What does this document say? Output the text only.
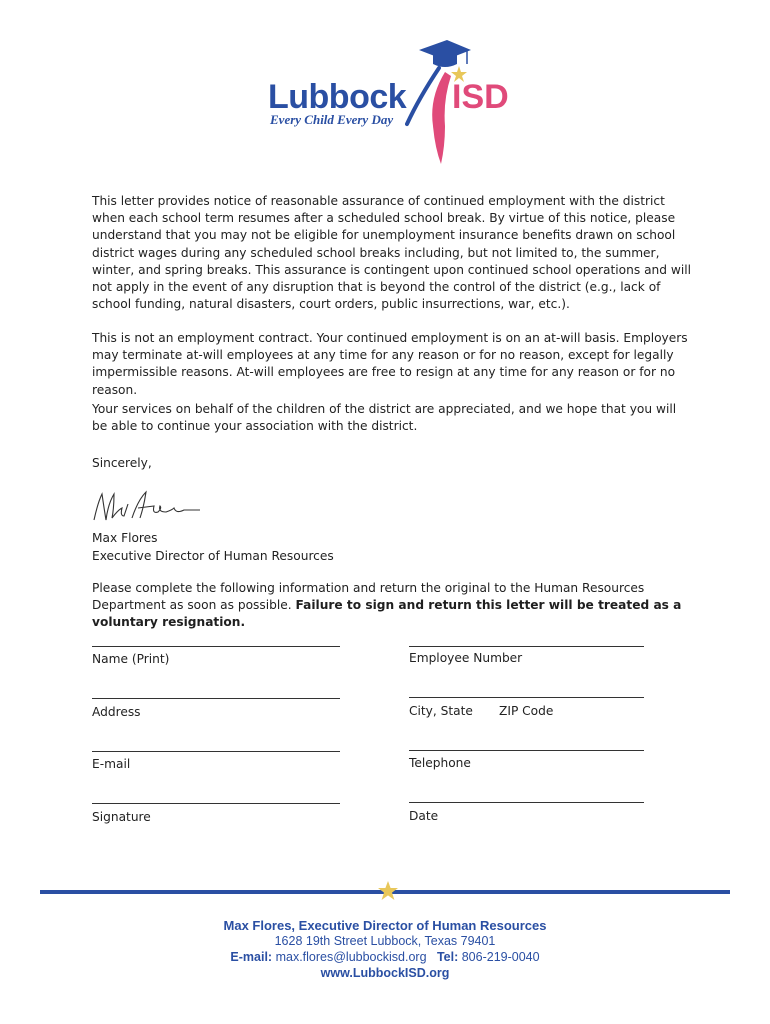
Lubbock ISD
Every Child Every Day
This letter provides notice of reasonable assurance of continued employment with the district when each school term resumes after a scheduled school break. By virtue of this notice, please understand that you may not be eligible for unemployment insurance benefits drawn on school district wages during any scheduled school breaks including, but not limited to, the summer, winter, and spring breaks. This assurance is contingent upon continued school operations and will not apply in the event of any disruption that is beyond the control of the district (e.g., lack of school funding, natural disasters, court orders, public insurrections, war, etc.).
This is not an employment contract. Your continued employment is on an at-will basis. Employers may terminate at-will employees at any time for any reason or for no reason, except for legally impermissible reasons. At-will employees are free to resign at any time for any reason or for no reason.
Your services on behalf of the children of the district are appreciated, and we hope that you will be able to continue your association with the district.
Sincerely,
Max Flores
Executive Director of Human Resources
Please complete the following information and return the original to the Human Resources Department as soon as possible. Failure to sign and return this letter will be treated as a voluntary resignation.
Name (Print)	Employee Number
Address	City, State ZIP Code
E-mail	Telephone
Signature	Date
Max Flores, Executive Director of Human Resources
1628 19th Street Lubbock, Texas 79401
E-mail: max.flores@lubbockisd.org Tel: 806-219-0040
www.LubbockISD.org
